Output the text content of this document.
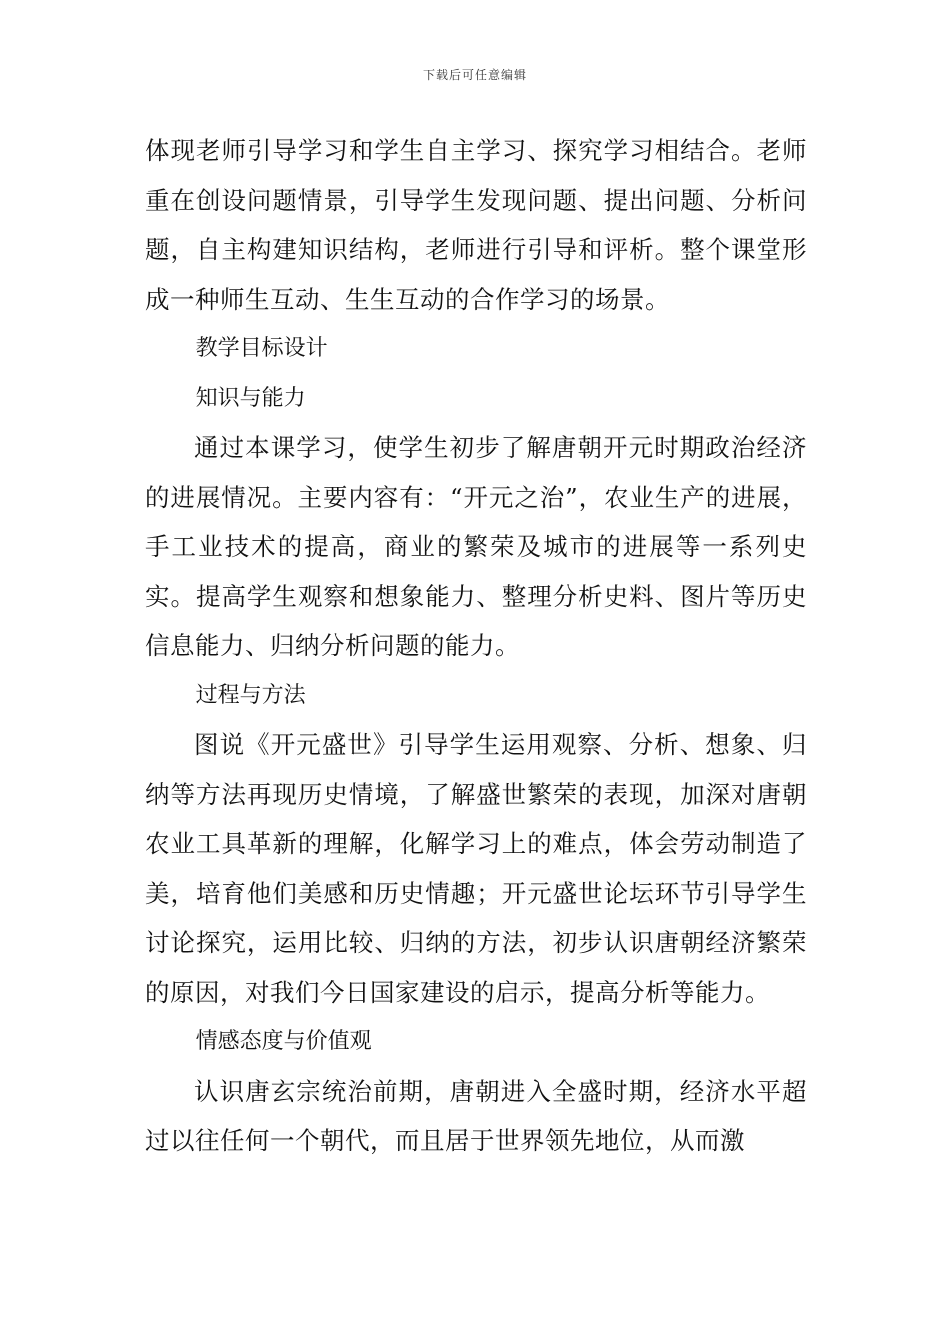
下载后可任意编辑

体现老师引导学习和学生自主学习、探究学习相结合。老师重在创设问题情景，引导学生发现问题、提出问题、分析问题，自主构建知识结构，老师进行引导和评析。整个课堂形成一种师生互动、生生互动的合作学习的场景。

教学目标设计

知识与能力

通过本课学习，使学生初步了解唐朝开元时期政治经济的进展情况。主要内容有：“开元之治”，农业生产的进展，手工业技术的提高，商业的繁荣及城市的进展等一系列史实。提高学生观察和想象能力、整理分析史料、图片等历史信息能力、归纳分析问题的能力。

过程与方法

图说《开元盛世》引导学生运用观察、分析、想象、归纳等方法再现历史情境，了解盛世繁荣的表现，加深对唐朝农业工具革新的理解，化解学习上的难点，体会劳动制造了美，培育他们美感和历史情趣；开元盛世论坛环节引导学生讨论探究，运用比较、归纳的方法，初步认识唐朝经济繁荣的原因，对我们今日国家建设的启示，提高分析等能力。

情感态度与价值观

认识唐玄宗统治前期，唐朝进入全盛时期，经济水平超过以往任何一个朝代，而且居于世界领先地位，从而激
